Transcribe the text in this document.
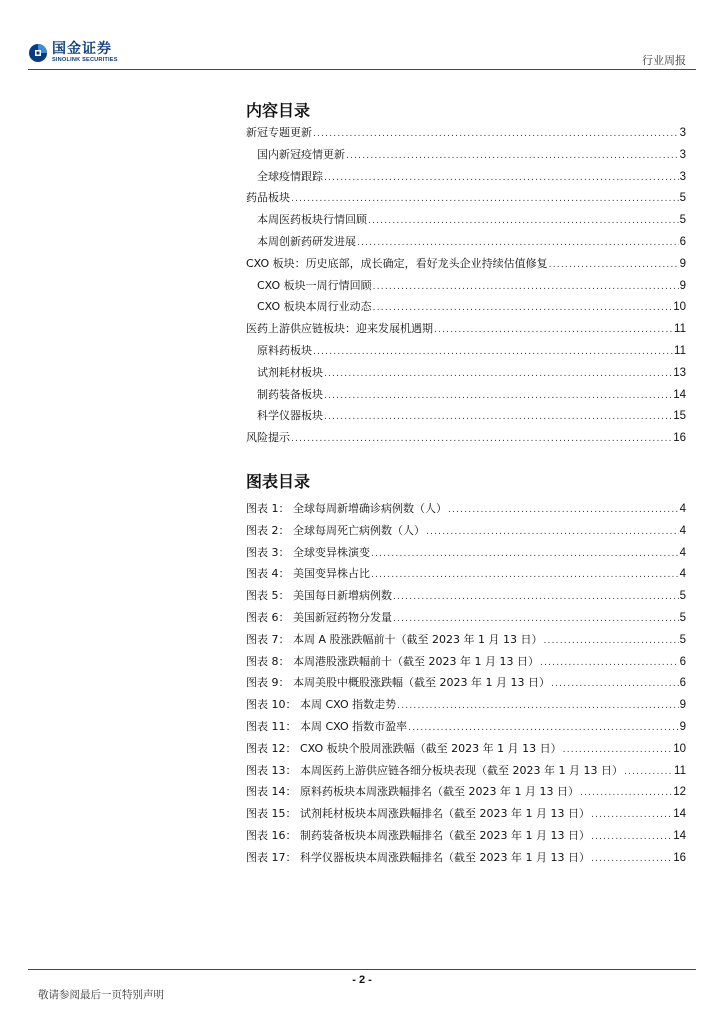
国金证券
SINOLINK SECURITIES	行业周报
内容目录
新冠专题更新 .....	3
国内新冠疫情更新 .....	3
全球疫情跟踪 .....	3
药品板块 .....	5
本周医药板块行情回顾 .....	5
本周创新药研发进展 .....	6
CXO 板块：历史底部，成长确定，看好龙头企业持续估值修复 .....	9
CXO 板块一周行情回顾 .....	9
CXO 板块本周行业动态 .....	10
医药上游供应链板块：迎来发展机遇期 .....	11
原料药板块 .....	11
试剂耗材板块 .....	13
制药装备板块 .....	14
科学仪器板块 .....	15
风险提示 .....	16
图表目录
图表 1： 全球每周新增确诊病例数（人） .....	4
图表 2： 全球每周死亡病例数（人） .....	4
图表 3： 全球变异株演变 .....	4
图表 4： 美国变异株占比 .....	4
图表 5： 美国每日新增病例数 .....	5
图表 6： 美国新冠药物分发量 .....	5
图表 7： 本周 A 股涨跌幅前十（截至 2023 年 1 月 13 日） .....	5
图表 8： 本周港股涨跌幅前十（截至 2023 年 1 月 13 日） .....	6
图表 9： 本周美股中概股涨跌幅（截至 2023 年 1 月 13 日） .....	6
图表 10： 本周 CXO 指数走势 .....	9
图表 11： 本周 CXO 指数市盈率 .....	9
图表 12： CXO 板块个股周涨跌幅（截至 2023 年 1 月 13 日） .....	10
图表 13： 本周医药上游供应链各细分板块表现（截至 2023 年 1 月 13 日） .....	11
图表 14： 原料药板块本周涨跌幅排名（截至 2023 年 1 月 13 日） .....	12
图表 15： 试剂耗材板块本周涨跌幅排名（截至 2023 年 1 月 13 日） .....	14
图表 16： 制药装备板块本周涨跌幅排名（截至 2023 年 1 月 13 日） .....	14
图表 17： 科学仪器板块本周涨跌幅排名（截至 2023 年 1 月 13 日） .....	16
- 2 -
敬请参阅最后一页特别声明
